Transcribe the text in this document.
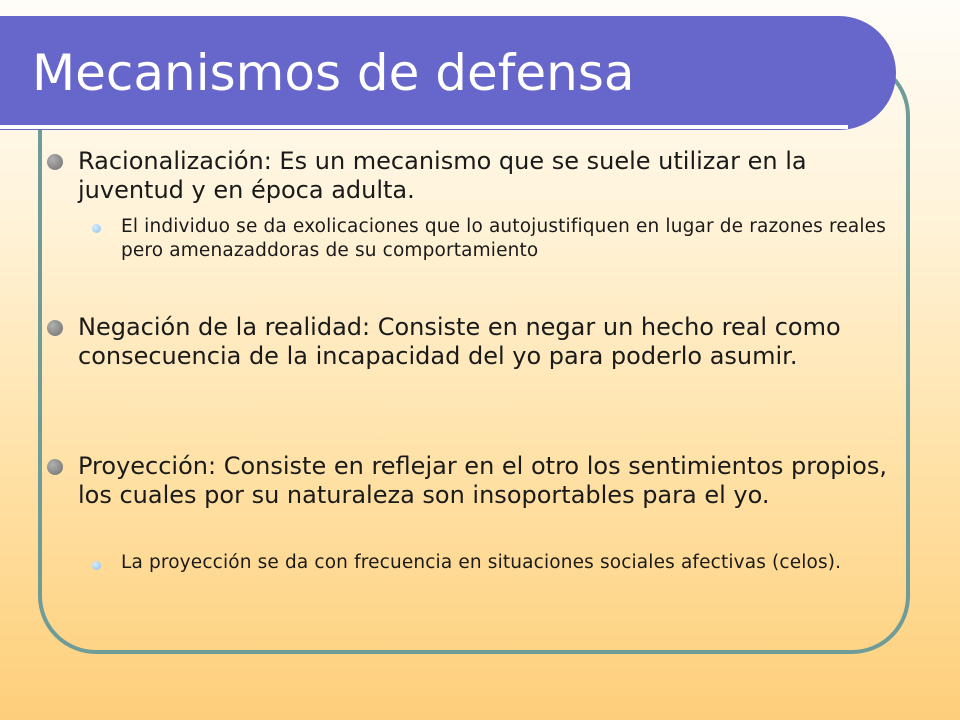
Mecanismos de defensa

Racionalización: Es un mecanismo que se suele utilizar en la juventud y en época adulta.

El individuo se da exolicaciones que lo autojustifiquen en lugar de razones reales pero amenazaddoras de su comportamiento

Negación de la realidad: Consiste en negar un hecho real como consecuencia de la incapacidad del yo para poderlo asumir.

Proyección: Consiste en reflejar en el otro los sentimientos propios, los cuales por su naturaleza son insoportables para el yo.

La proyección se da con frecuencia en situaciones sociales afectivas (celos).
